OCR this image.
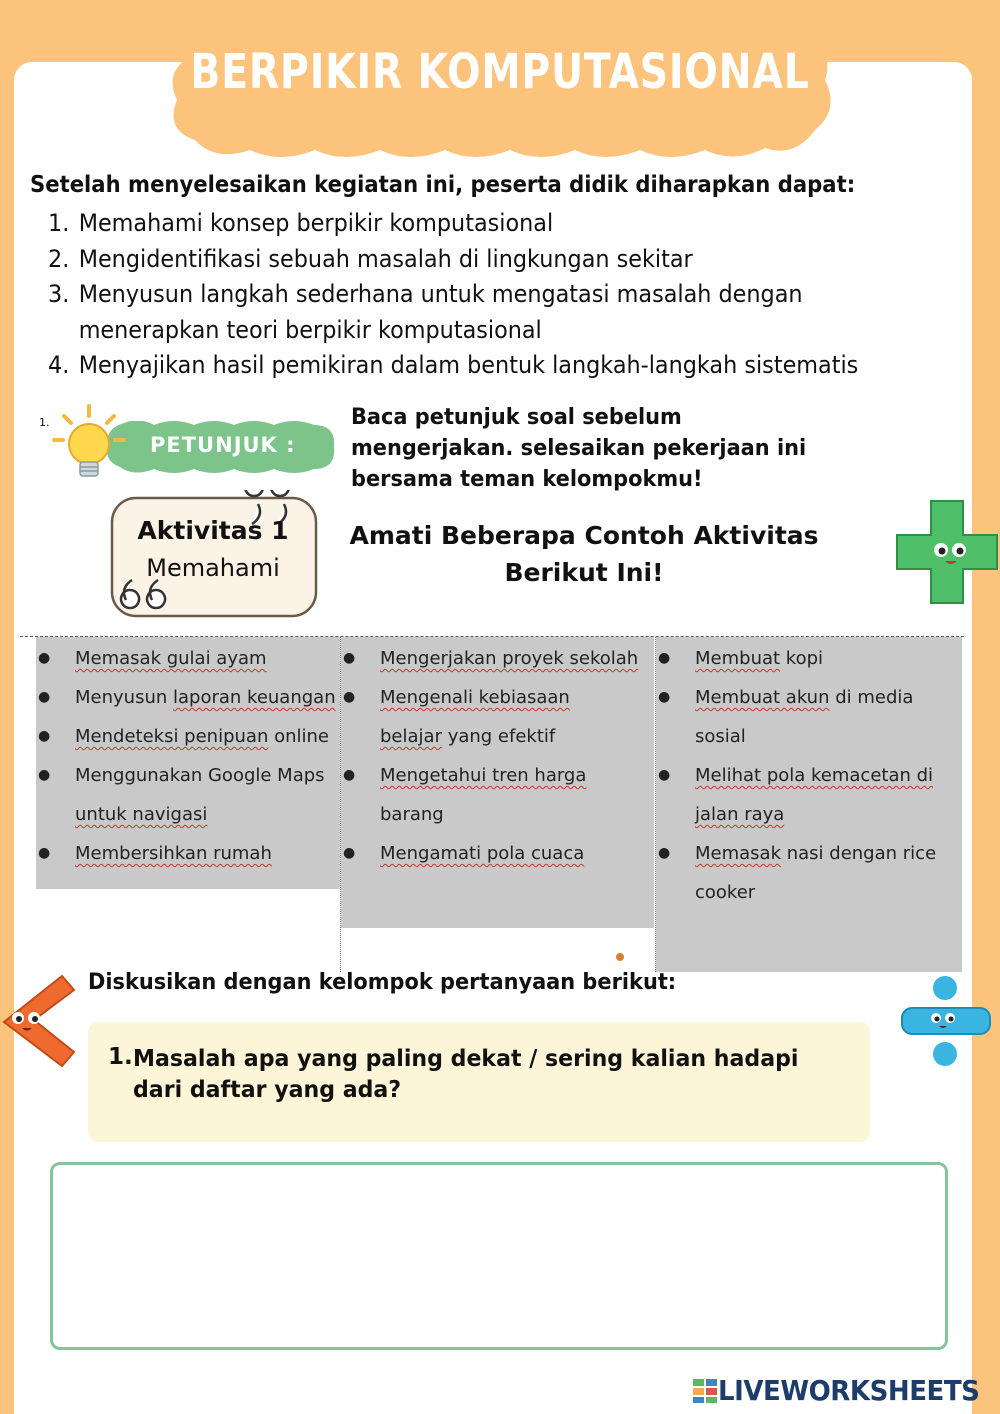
BERPIKIR KOMPUTASIONAL
Setelah menyelesaikan kegiatan ini, peserta didik diharapkan dapat:
1. Memahami konsep berpikir komputasional
2. Mengidentifikasi sebuah masalah di lingkungan sekitar
3. Menyusun langkah sederhana untuk mengatasi masalah dengan menerapkan teori berpikir komputasional
4. Menyajikan hasil pemikiran dalam bentuk langkah-langkah sistematis
1.
PETUNJUK :
Baca petunjuk soal sebelum mengerjakan. selesaikan pekerjaan ini bersama teman kelompokmu!
Aktivitas 1
Memahami
Amati Beberapa Contoh Aktivitas Berikut Ini!
● Memasak gulai ayam
● Menyusun laporan keuangan
● Mendeteksi penipuan online
● Menggunakan Google Maps untuk navigasi
● Membersihkan rumah
● Mengerjakan proyek sekolah
● Mengenali kebiasaan belajar yang efektif
● Mengetahui tren harga barang
● Mengamati pola cuaca
● Membuat kopi
● Membuat akun di media sosial
● Melihat pola kemacetan di jalan raya
● Memasak nasi dengan rice cooker
Diskusikan dengan kelompok pertanyaan berikut:
1. Masalah apa yang paling dekat / sering kalian hadapi dari daftar yang ada?
LIVEWORKSHEETS
